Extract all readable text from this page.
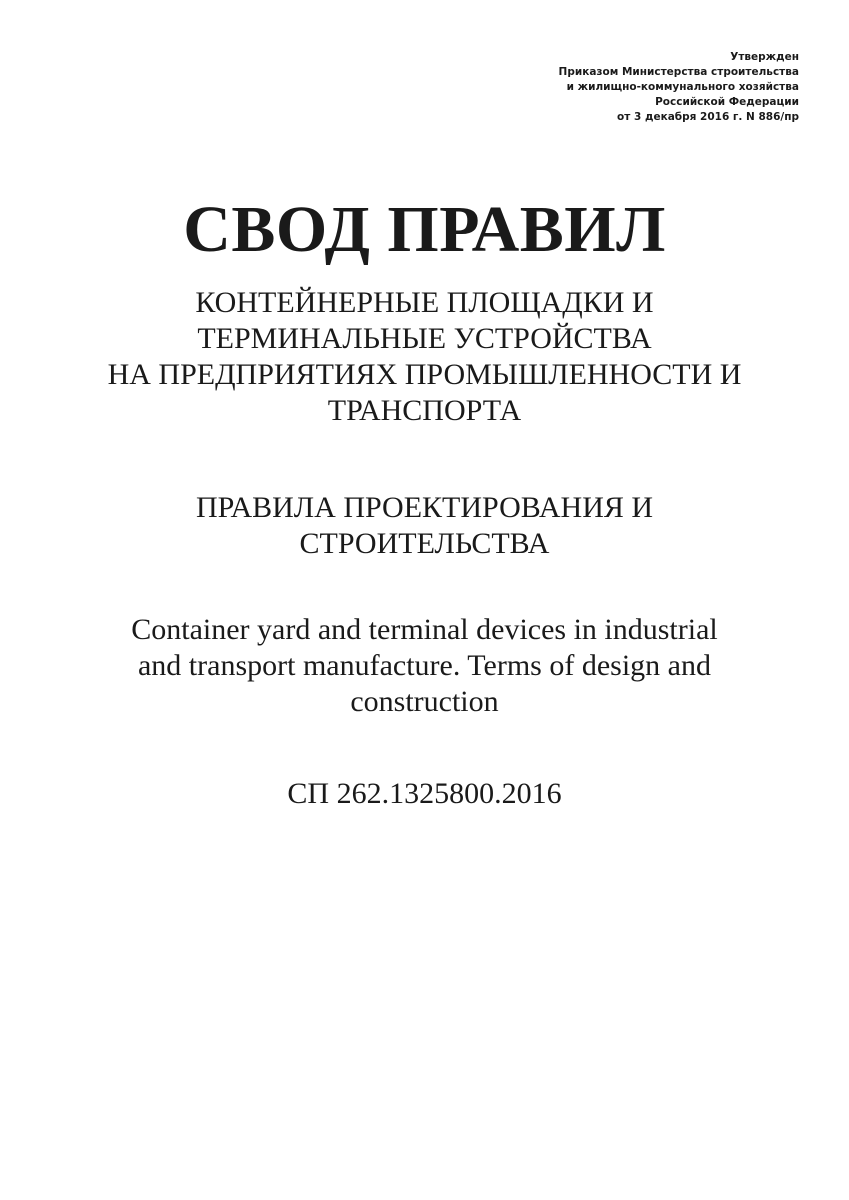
Утвержден
Приказом Министерства строительства
и жилищно-коммунального хозяйства
Российской Федерации
от 3 декабря 2016 г. N 886/пр
СВОД ПРАВИЛ
КОНТЕЙНЕРНЫЕ ПЛОЩАДКИ И
ТЕРМИНАЛЬНЫЕ УСТРОЙСТВА
НА ПРЕДПРИЯТИЯХ ПРОМЫШЛЕННОСТИ И
ТРАНСПОРТА
ПРАВИЛА ПРОЕКТИРОВАНИЯ И
СТРОИТЕЛЬСТВА
Container yard and terminal devices in industrial
and transport manufacture. Terms of design and
construction
СП 262.1325800.2016
